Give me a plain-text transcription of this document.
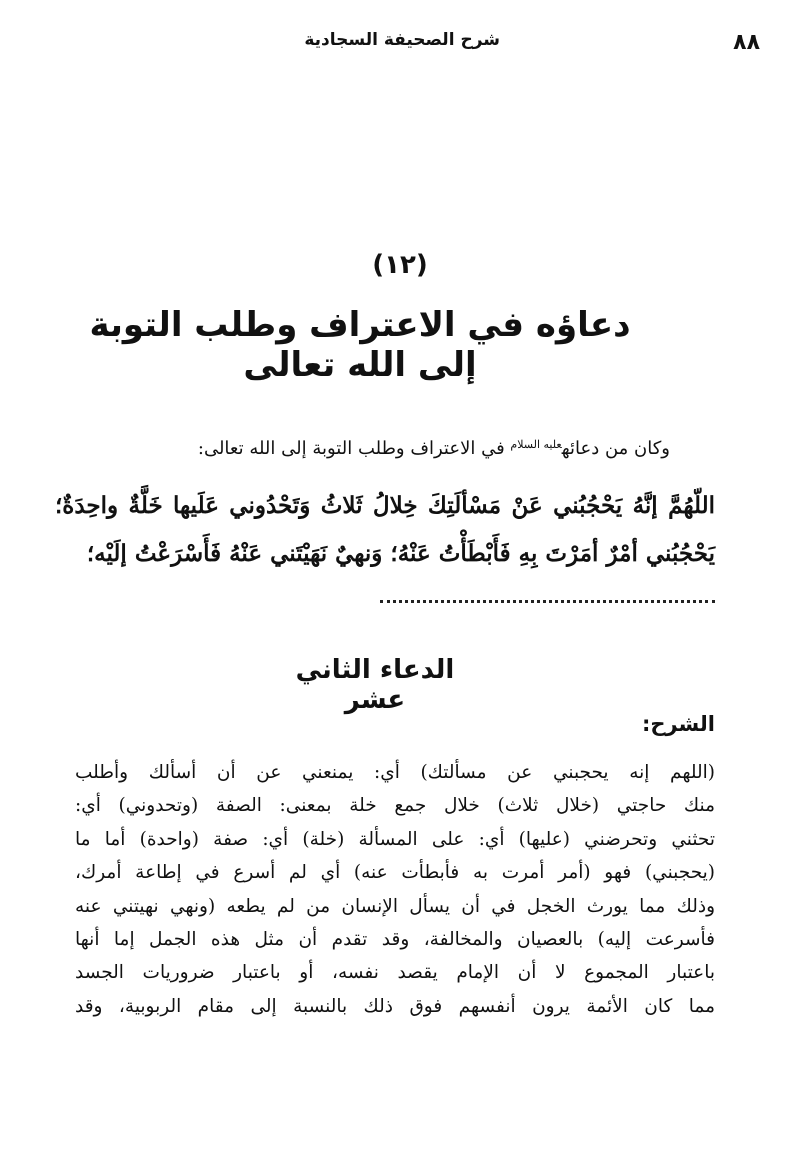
٨٨
شرح الصحيفة السجادية
(١٢)
دعاؤه في الاعتراف وطلب التوبة إلى الله تعالى
وكان من دعائه$^{عليه السلام}$ في الاعتراف وطلب التوبة إلى الله تعالى:
اللّهُمَّ إنَّهُ يَحْجُبُني عَنْ مَسْألَتِكَ خِلالُ ثَلاثُ وَتَحْدُوني عَلَيها خَلَّةٌ واحِدَةٌ؛ يَحْجُبُني أمْرٌ أمَرْتَ بِهِ فَأَبْطَأْتُ عَنْهُ؛ وَنهيٌ نَهَيْتَني عَنْهُ فَأَسْرَعْتُ إلَيْه؛
الدعاء الثاني عشر
الشرح:
(اللهم إنه يحجبني عن مسألتك) أي: يمنعني عن أن أسألك وأطلب
منك حاجتي (خلال ثلاث) خلال جمع خلة بمعنى: الصفة (وتحدوني) أي:
تحثني وتحرضني (عليها) أي: على المسألة (خلة) أي: صفة (واحدة) أما ما
(يحجبني) فهو (أمر أمرت به فأبطأت عنه) أي لم أسرع في إطاعة أمرك،
وذلك مما يورث الخجل في أن يسأل الإنسان من لم يطعه (ونهي نهيتني عنه
فأسرعت إليه) بالعصيان والمخالفة، وقد تقدم أن مثل هذه الجمل إما أنها
باعتبار المجموع لا أن الإمام يقصد نفسه، أو باعتبار ضروريات الجسد
مما كان الأئمة يرون أنفسهم فوق ذلك بالنسبة إلى مقام الربوبية، وقد
